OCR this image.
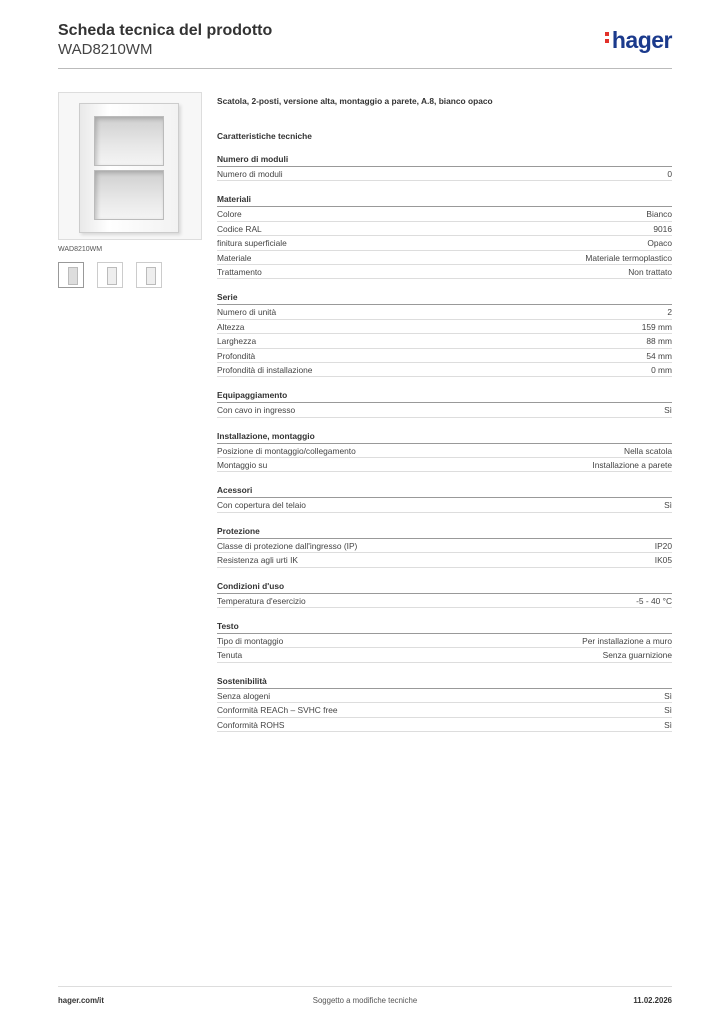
Scheda tecnica del prodotto
WAD8210WM	hager
WAD8210WM
Scatola, 2-posti, versione alta, montaggio a parete, A.8, bianco opaco
Caratteristiche tecniche
Numero di moduli
Numero di moduli	0
Materiali
Colore	Bianco
Codice RAL	9016
finitura superficiale	Opaco
Materiale	Materiale termoplastico
Trattamento	Non trattato
Serie
Numero di unità	2
Altezza	159 mm
Larghezza	88 mm
Profondità	54 mm
Profondità di installazione	0 mm
Equipaggiamento
Con cavo in ingresso	Sì
Installazione, montaggio
Posizione di montaggio/collegamento	Nella scatola
Montaggio su	Installazione a parete
Acessori
Con copertura del telaio	Sì
Protezione
Classe di protezione dall'ingresso (IP)	IP20
Resistenza agli urti IK	IK05
Condizioni d'uso
Temperatura d'esercizio	-5 - 40 °C
Testo
Tipo di montaggio	Per installazione a muro
Tenuta	Senza guarnizione
Sostenibilità
Senza alogeni	Sì
Conformità REACh – SVHC free	Sì
Conformità ROHS	Sì
hager.com/it	Soggetto a modifiche tecniche	11.02.2026
